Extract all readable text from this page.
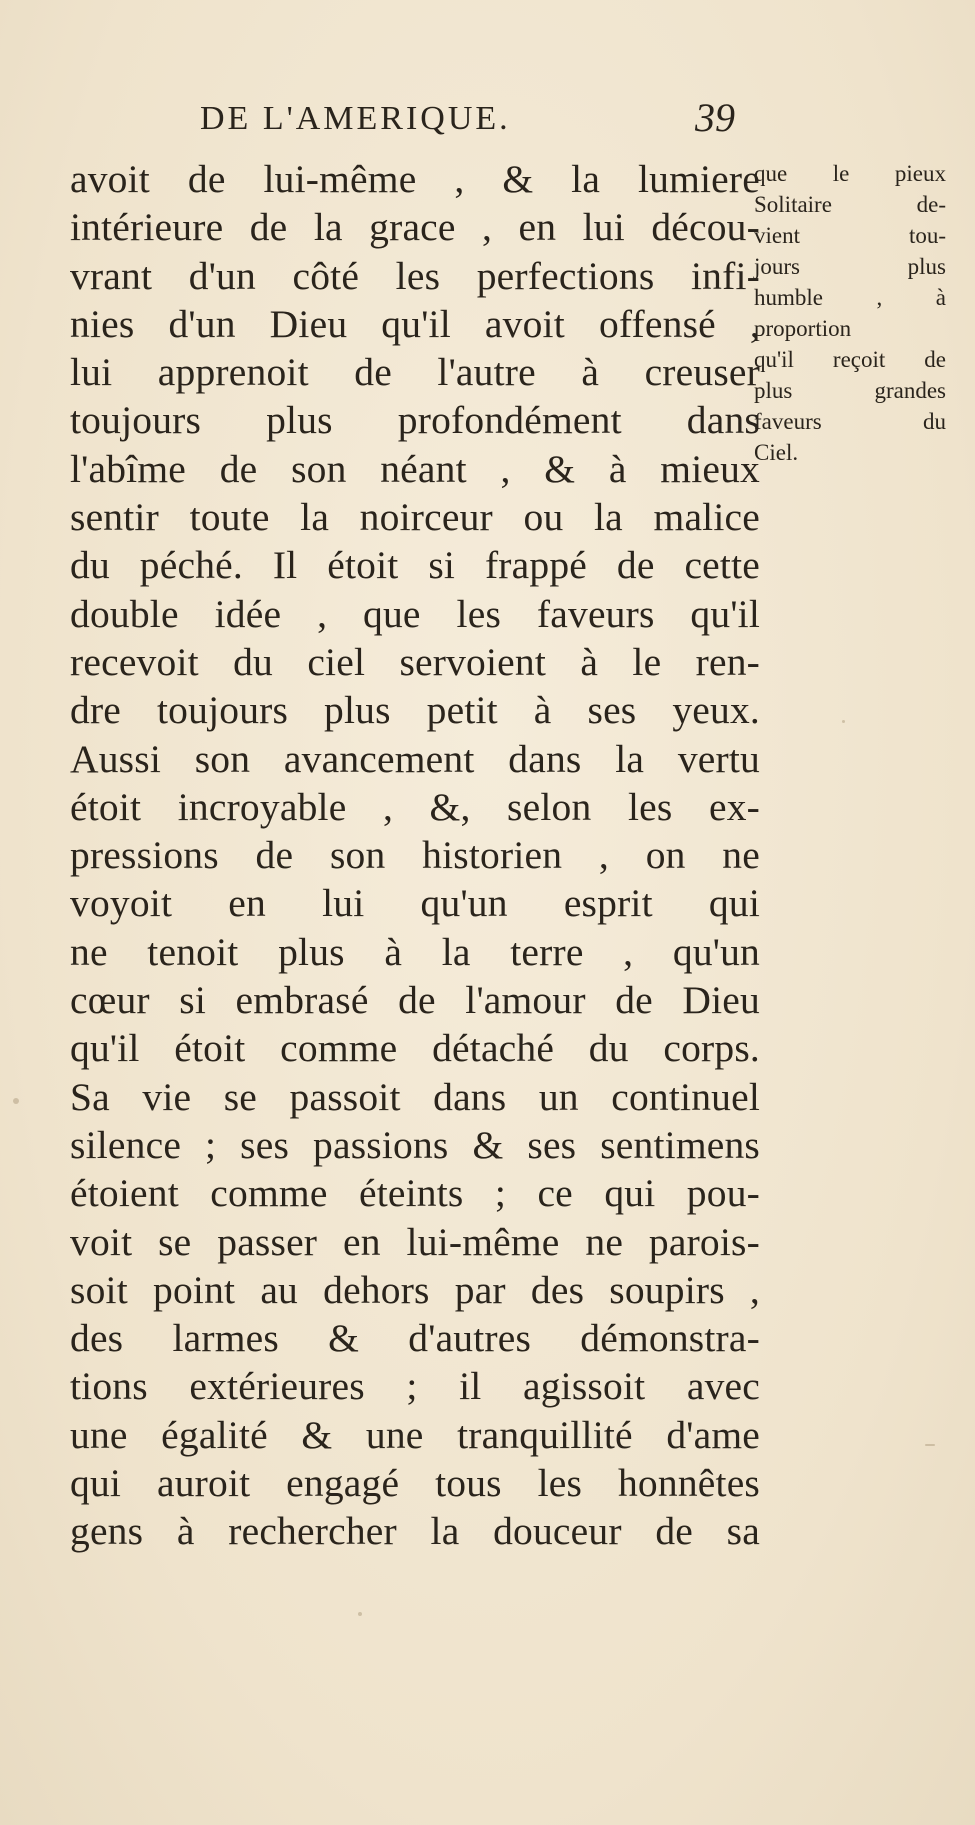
DE L'AMERIQUE.	39
avoit de lui-même , & la lumiere
intérieure de la grace , en lui décou-
vrant d'un côté les perfections infi-
nies d'un Dieu qu'il avoit offensé ,
lui apprenoit de l'autre à creuser
toujours plus profondément dans
l'abîme de son néant , & à mieux
sentir toute la noirceur ou la malice
du péché. Il étoit si frappé de cette
double idée , que les faveurs qu'il
recevoit du ciel servoient à le ren-
dre toujours plus petit à ses yeux.
Aussi son avancement dans la vertu
étoit incroyable , &, selon les ex-
pressions de son historien , on ne
voyoit en lui qu'un esprit qui
ne tenoit plus à la terre , qu'un
cœur si embrasé de l'amour de Dieu
qu'il étoit comme détaché du corps.
Sa vie se passoit dans un continuel
silence ; ses passions & ses sentimens
étoient comme éteints ; ce qui pou-
voit se passer en lui-même ne parois-
soit point au dehors par des soupirs ,
des larmes & d'autres démonstra-
tions extérieures ; il agissoit avec
une égalité & une tranquillité d'ame
qui auroit engagé tous les honnêtes
gens à rechercher la douceur de sa
que le pieux
Solitaire de-
vient tou-
jours plus
humble , à
proportion
qu'il reçoit de
plus grandes
faveurs du
Ciel.
